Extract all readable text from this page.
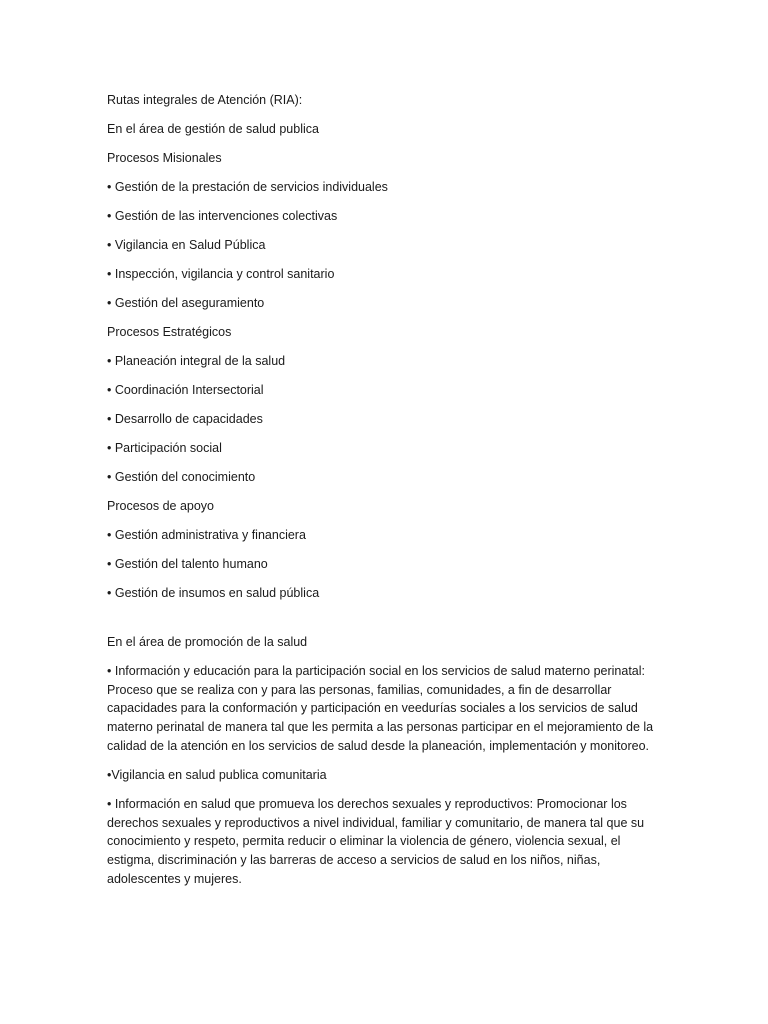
Rutas integrales de Atención (RIA):

En el área de gestión de salud publica

Procesos Misionales

• Gestión de la prestación de servicios individuales

• Gestión de las intervenciones colectivas

• Vigilancia en Salud Pública

• Inspección, vigilancia y control sanitario

• Gestión del aseguramiento

Procesos Estratégicos

• Planeación integral de la salud

• Coordinación Intersectorial

• Desarrollo de capacidades

• Participación social

• Gestión del conocimiento

Procesos de apoyo

• Gestión administrativa y financiera

• Gestión del talento humano

• Gestión de insumos en salud pública

En el área de promoción de la salud

• Información y educación para la participación social en los servicios de salud materno perinatal: Proceso que se realiza con y para las personas, familias, comunidades, a fin de desarrollar capacidades para la conformación y participación en veedurías sociales a los servicios de salud materno perinatal de manera tal que les permita a las personas participar en el mejoramiento de la calidad de la atención en los servicios de salud desde la planeación, implementación y monitoreo.

•Vigilancia en salud publica comunitaria

• Información en salud que promueva los derechos sexuales y reproductivos: Promocionar los derechos sexuales y reproductivos a nivel individual, familiar y comunitario, de manera tal que su conocimiento y respeto, permita reducir o eliminar la violencia de género, violencia sexual, el estigma, discriminación y las barreras de acceso a servicios de salud en los niños, niñas, adolescentes y mujeres.
